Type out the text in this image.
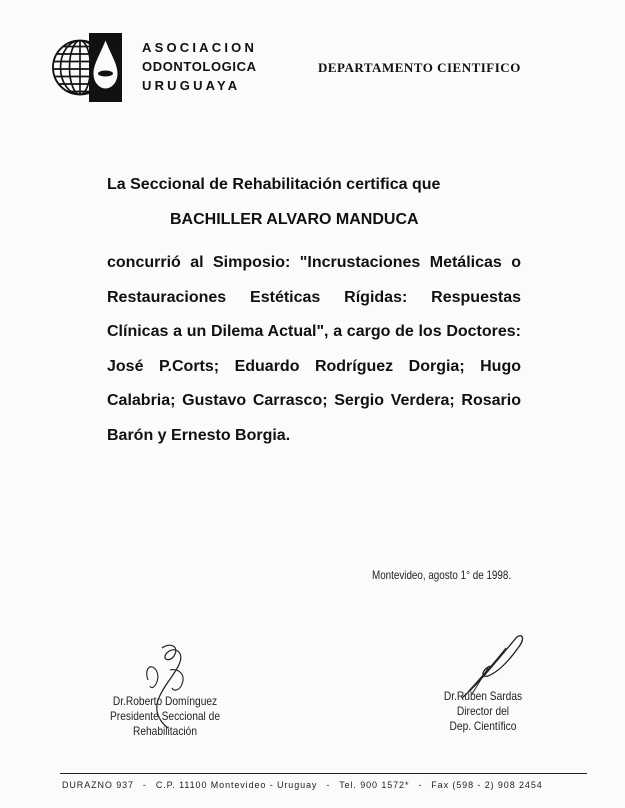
ASOCIACION
ODONTOLOGICA
URUGUAYA
DEPARTAMENTO CIENTIFICO
La Seccional de Rehabilitación certifica que
BACHILLER ALVARO MANDUCA
concurrió al Simposio: "Incrustaciones Metálicas o Restauraciones Estéticas Rígidas: Respuestas Clínicas a un Dilema Actual", a cargo de los Doctores: José P.Corts; Eduardo Rodríguez Dorgia; Hugo Calabria; Gustavo Carrasco; Sergio Verdera; Rosario Barón y Ernesto Borgia.
Montevideo, agosto 1° de 1998.
Dr.Roberto Domínguez
Presidente Seccional de
Rehabilitación
Dr.Ruben Sardas
Director del
Dep. Científico
DURAZNO 937 - C.P. 11100 Montevideo - Uruguay - Tel. 900 1572* - Fax (598 - 2) 908 2454
